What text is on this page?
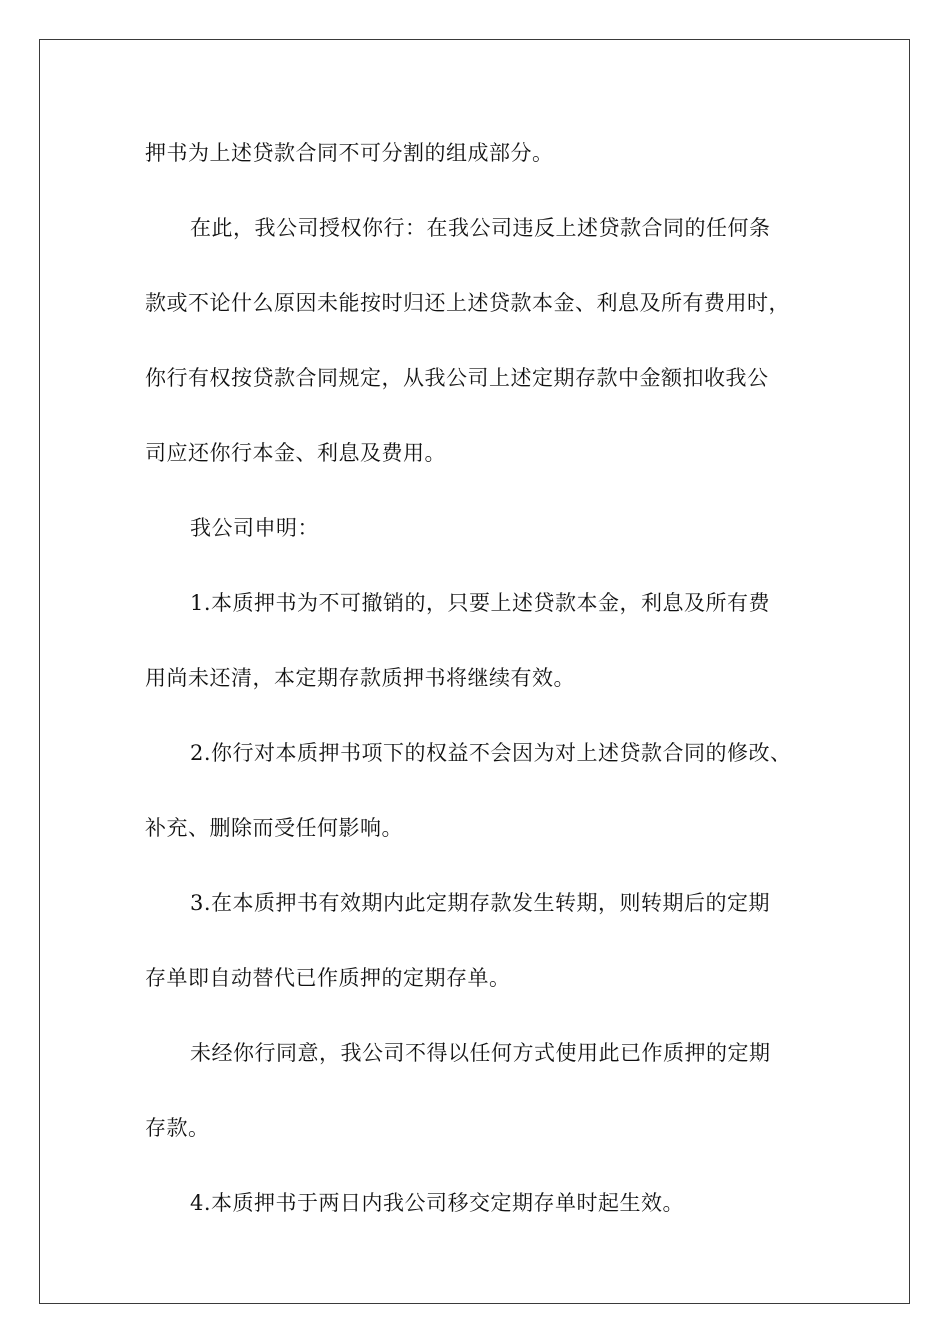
押书为上述贷款合同不可分割的组成部分。
在此，我公司授权你行：在我公司违反上述贷款合同的任何条
款或不论什么原因未能按时归还上述贷款本金、利息及所有费用时，
你行有权按贷款合同规定，从我公司上述定期存款中金额扣收我公
司应还你行本金、利息及费用。
我公司申明：
1.本质押书为不可撤销的，只要上述贷款本金，利息及所有费
用尚未还清，本定期存款质押书将继续有效。
2.你行对本质押书项下的权益不会因为对上述贷款合同的修改、
补充、删除而受任何影响。
3.在本质押书有效期内此定期存款发生转期，则转期后的定期
存单即自动替代已作质押的定期存单。
未经你行同意，我公司不得以任何方式使用此已作质押的定期
存款。
4.本质押书于两日内我公司移交定期存单时起生效。
